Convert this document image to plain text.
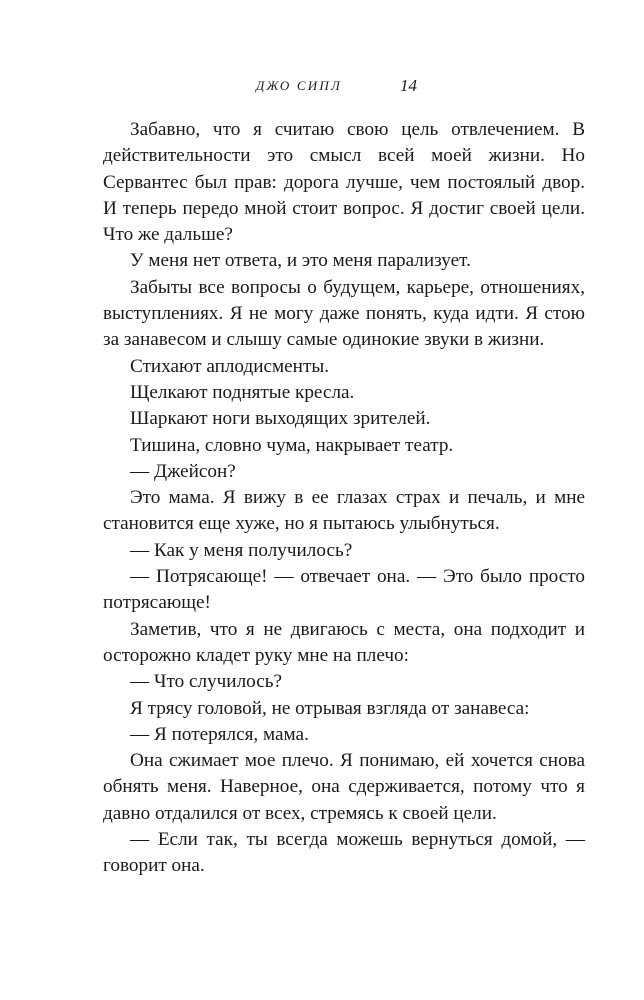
ДЖО СИПЛ	14

Забавно, что я считаю свою цель отвлечением. В действительности это смысл всей моей жизни. Но Сервантес был прав: дорога лучше, чем постоялый двор. И теперь передо мной стоит вопрос. Я достиг своей цели. Что же дальше?

У меня нет ответа, и это меня парализует.

Забыты все вопросы о будущем, карьере, отношениях, выступлениях. Я не могу даже понять, куда идти. Я стою за занавесом и слышу самые одинокие звуки в жизни.

Стихают аплодисменты.

Щелкают поднятые кресла.

Шаркают ноги выходящих зрителей.

Тишина, словно чума, накрывает театр.

— Джейсон?

Это мама. Я вижу в ее глазах страх и печаль, и мне становится еще хуже, но я пытаюсь улыбнуться.

— Как у меня получилось?

— Потрясающе! — отвечает она. — Это было просто потрясающе!

Заметив, что я не двигаюсь с места, она подходит и осторожно кладет руку мне на плечо:

— Что случилось?

Я трясу головой, не отрывая взгляда от занавеса:

— Я потерялся, мама.

Она сжимает мое плечо. Я понимаю, ей хочется снова обнять меня. Наверное, она сдерживается, потому что я давно отдалился от всех, стремясь к своей цели.

— Если так, ты всегда можешь вернуться домой, — говорит она.
